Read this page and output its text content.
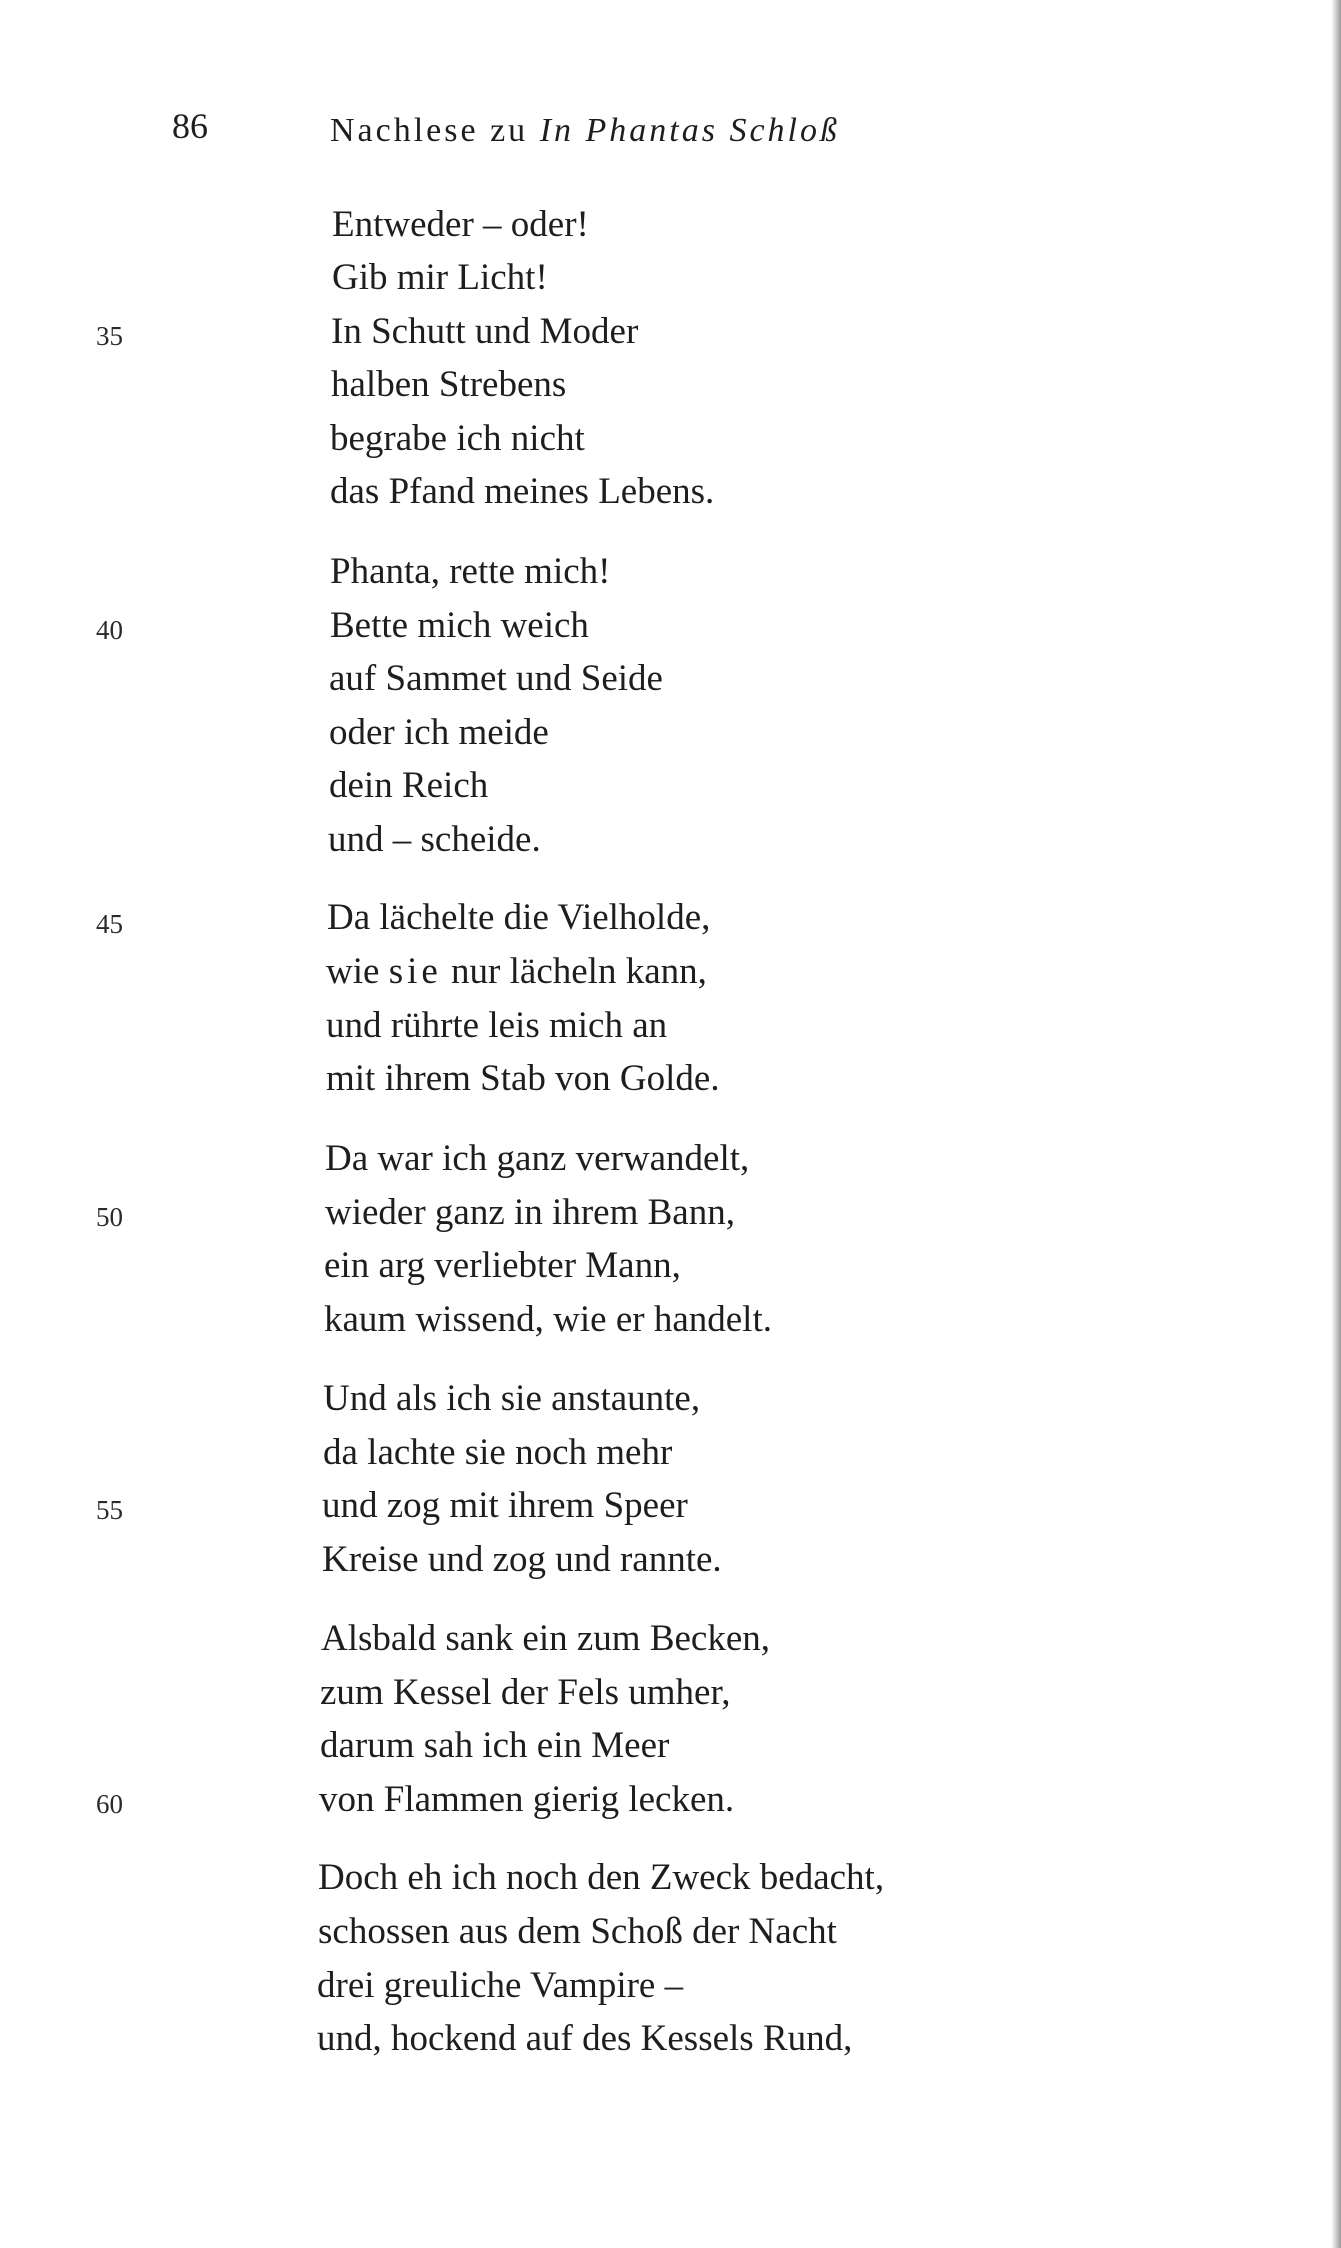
86	Nachlese zu In Phantas Schloß
Entweder – oder!
Gib mir Licht!
In Schutt und Moder
halben Strebens
begrabe ich nicht
das Pfand meines Lebens.
Phanta, rette mich!
Bette mich weich
auf Sammet und Seide
oder ich meide
dein Reich
und – scheide.
Da lächelte die Vielholde,
wie sie nur lächeln kann,
und rührte leis mich an
mit ihrem Stab von Golde.
Da war ich ganz verwandelt,
wieder ganz in ihrem Bann,
ein arg verliebter Mann,
kaum wissend, wie er handelt.
Und als ich sie anstaunte,
da lachte sie noch mehr
und zog mit ihrem Speer
Kreise und zog und rannte.
Alsbald sank ein zum Becken,
zum Kessel der Fels umher,
darum sah ich ein Meer
von Flammen gierig lecken.
Doch eh ich noch den Zweck bedacht,
schossen aus dem Schoß der Nacht
drei greuliche Vampire –
und, hockend auf des Kessels Rund,
35
40
45
50
55
60
